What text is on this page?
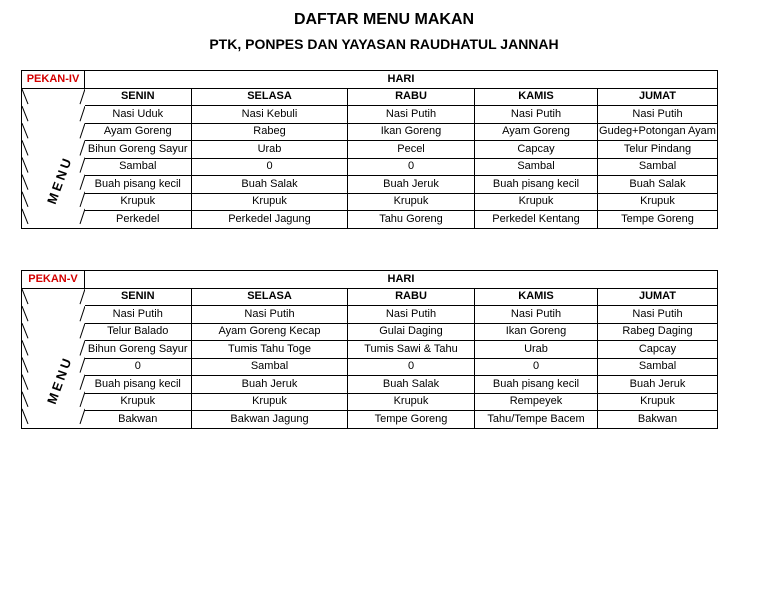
DAFTAR MENU MAKAN
PTK, PONPES DAN YAYASAN RAUDHATUL JANNAH
PEKAN-IV	HARI				

MENU	SENIN	SELASA	RABU	KAMIS	JUMAT
	Nasi Uduk	Nasi Kebuli	Nasi Putih	Nasi Putih	Nasi Putih
	Ayam Goreng	Rabeg	Ikan Goreng	Ayam Goreng	Gudeg+Potongan Ayam
	Bihun Goreng Sayur	Urab	Pecel	Capcay	Telur Pindang
	Sambal	0	0	Sambal	Sambal
	Buah pisang kecil	Buah Salak	Buah Jeruk	Buah pisang kecil	Buah Salak
	Krupuk	Krupuk	Krupuk	Krupuk	Krupuk
	Perkedel	Perkedel Jagung	Tahu Goreng	Perkedel Kentang	Tempe Goreng
PEKAN-V	HARI				

MENU	SENIN	SELASA	RABU	KAMIS	JUMAT
	Nasi Putih	Nasi Putih	Nasi Putih	Nasi Putih	Nasi Putih
	Telur Balado	Ayam Goreng Kecap	Gulai Daging	Ikan Goreng	Rabeg Daging
	Bihun Goreng Sayur	Tumis Tahu Toge	Tumis Sawi & Tahu	Urab	Capcay
	0	Sambal	0	0	Sambal
	Buah pisang kecil	Buah Jeruk	Buah Salak	Buah pisang kecil	Buah Jeruk
	Krupuk	Krupuk	Krupuk	Rempeyek	Krupuk
	Bakwan	Bakwan Jagung	Tempe Goreng	Tahu/Tempe Bacem	Bakwan
